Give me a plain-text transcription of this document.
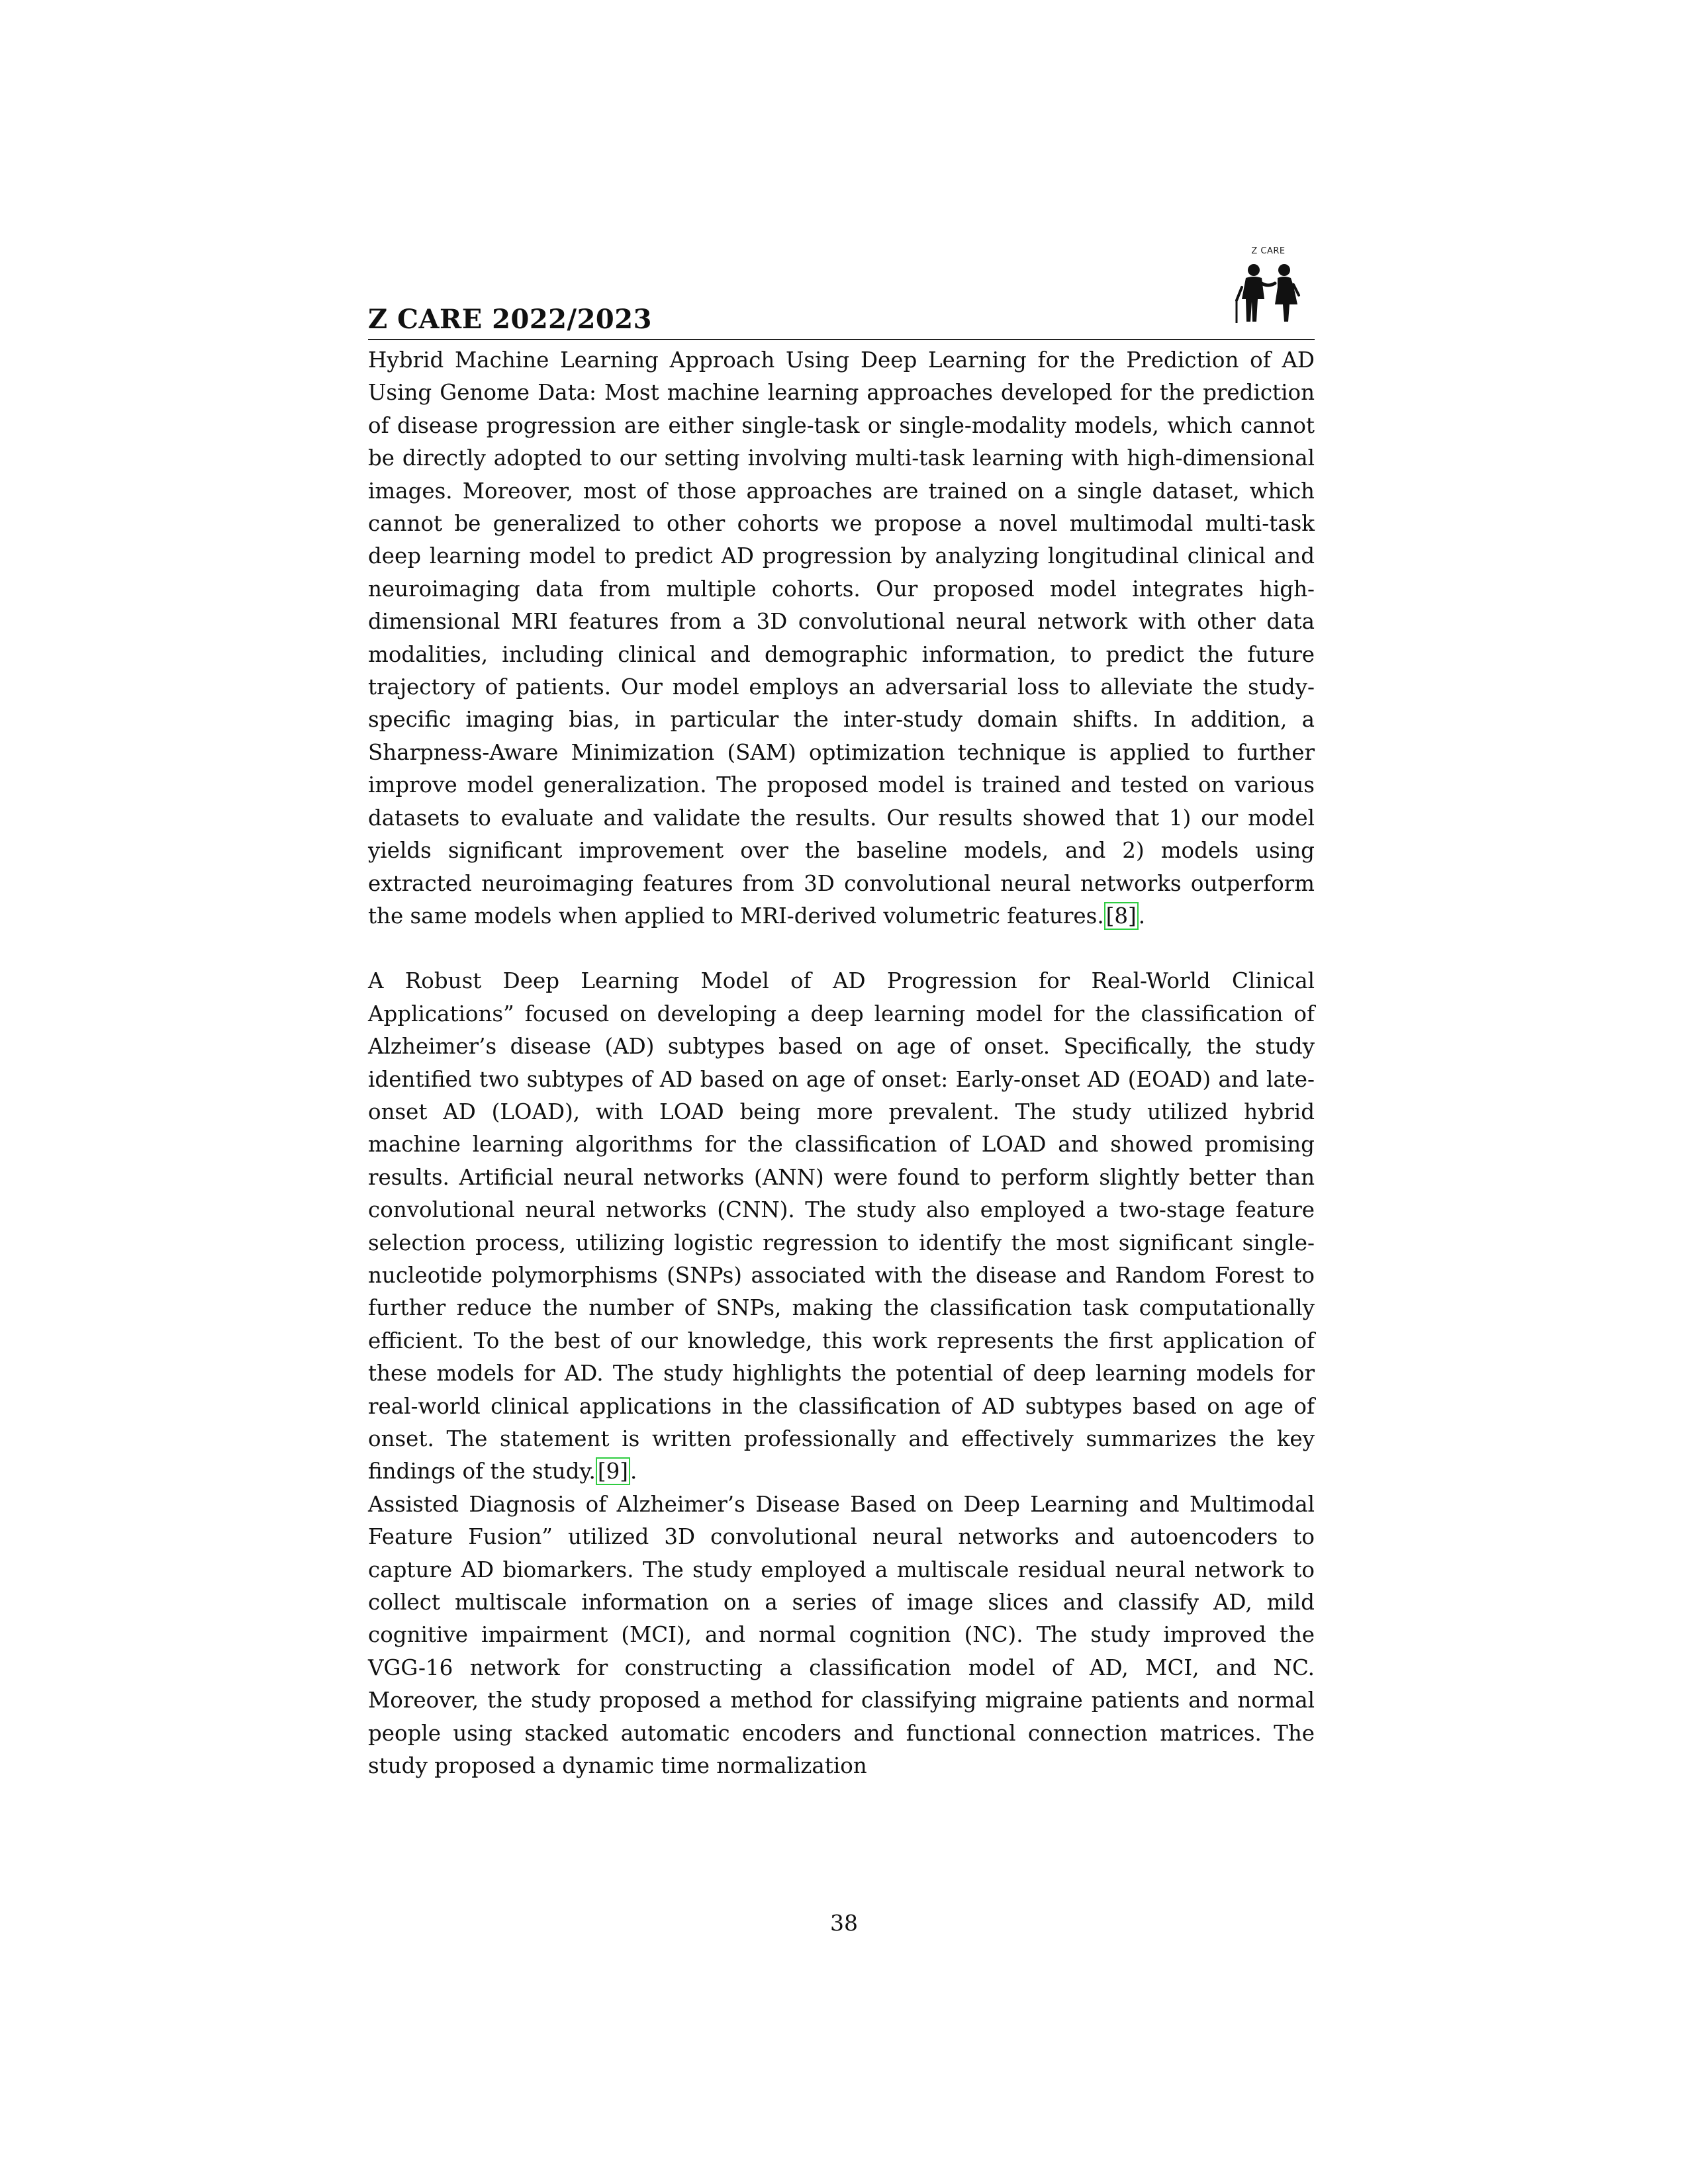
Z CARE 2022/2023
Z CARE

Hybrid Machine Learning Approach Using Deep Learning for the Prediction of AD Using Genome Data: Most machine learning approaches developed for the prediction of disease progression are either single-task or single-modality models, which cannot be directly adopted to our setting involving multi-task learning with high-dimensional images. Moreover, most of those approaches are trained on a single dataset, which cannot be generalized to other cohorts we propose a novel multimodal multi-task deep learning model to predict AD progression by analyzing longitudinal clinical and neuroimaging data from multiple cohorts. Our proposed model integrates high-dimensional MRI features from a 3D convolutional neural network with other data modalities, including clinical and demographic information, to predict the future trajectory of patients. Our model employs an adversarial loss to alleviate the study-specific imaging bias, in particular the inter-study domain shifts. In addition, a Sharpness-Aware Minimization (SAM) optimization technique is applied to further improve model generalization. The proposed model is trained and tested on various datasets to evaluate and validate the results. Our results showed that 1) our model yields significant improvement over the baseline models, and 2) models using extracted neuroimaging features from 3D convolutional neural networks outperform the same models when applied to MRI-derived volumetric features.[8].

A Robust Deep Learning Model of AD Progression for Real-World Clinical Applications” focused on developing a deep learning model for the classification of Alzheimer’s disease (AD) subtypes based on age of onset. Specifically, the study identified two subtypes of AD based on age of onset: Early-onset AD (EOAD) and late-onset AD (LOAD), with LOAD being more prevalent. The study utilized hybrid machine learning algorithms for the classification of LOAD and showed promising results. Artificial neural networks (ANN) were found to perform slightly better than convolutional neural networks (CNN). The study also employed a two-stage feature selection process, utilizing logistic regression to identify the most significant single-nucleotide polymorphisms (SNPs) associated with the disease and Random Forest to further reduce the number of SNPs, making the classification task computationally efficient. To the best of our knowledge, this work represents the first application of these models for AD. The study highlights the potential of deep learning models for real-world clinical applications in the classification of AD subtypes based on age of onset. The statement is written professionally and effectively summarizes the key findings of the study.[9].

Assisted Diagnosis of Alzheimer’s Disease Based on Deep Learning and Multimodal Feature Fusion” utilized 3D convolutional neural networks and autoencoders to capture AD biomarkers. The study employed a multiscale residual neural network to collect multiscale information on a series of image slices and classify AD, mild cognitive impairment (MCI), and normal cognition (NC). The study improved the VGG-16 network for constructing a classification model of AD, MCI, and NC. Moreover, the study proposed a method for classifying migraine patients and normal people using stacked automatic encoders and functional connection matrices. The study proposed a dynamic time normalization

38
